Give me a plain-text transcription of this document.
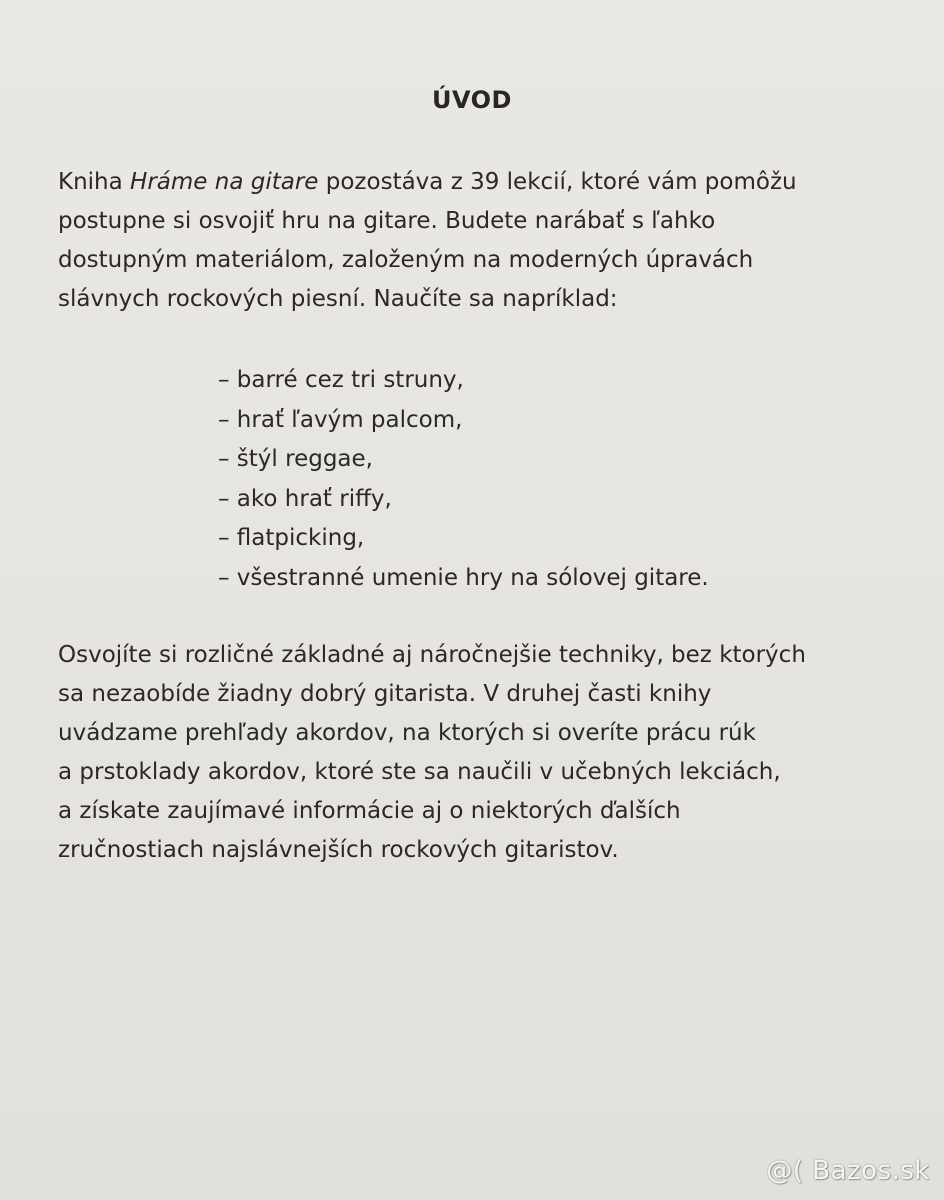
ÚVOD
Kniha Hráme na gitare pozostáva z 39 lekcií, ktoré vám pomôžu
postupne si osvojiť hru na gitare. Budete narábať s ľahko
dostupným materiálom, založeným na moderných úpravách
slávnych rockových piesní. Naučíte sa napríklad:
– barré cez tri struny,
– hrať ľavým palcom,
– štýl reggae,
– ako hrať riffy,
– flatpicking,
– všestranné umenie hry na sólovej gitare.
Osvojíte si rozličné základné aj náročnejšie techniky, bez ktorých
sa nezaobíde žiadny dobrý gitarista. V druhej časti knihy
uvádzame prehľady akordov, na ktorých si overíte prácu rúk
a prstoklady akordov, ktoré ste sa naučili v učebných lekciách,
a získate zaujímavé informácie aj o niektorých ďalších
zručnostiach najslávnejších rockových gitaristov.
@( Bazos.sk
